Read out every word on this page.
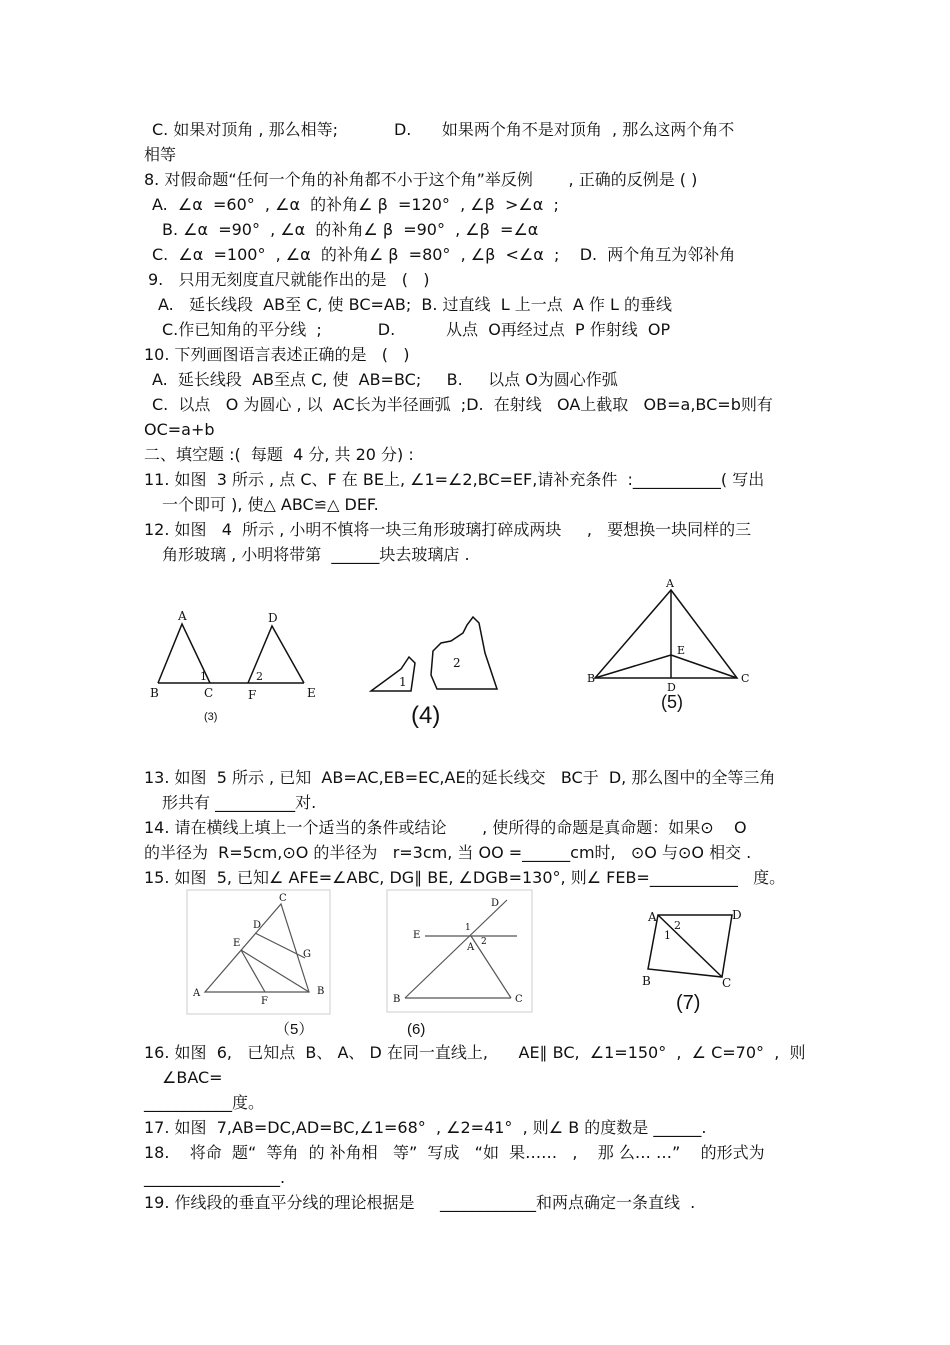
C. 如果对顶角 , 那么相等;           D.      如果两个角不是对顶角  , 那么这两个角不
相等
8. 对假命题“任何一个角的补角都不小于这个角”举反例       , 正确的反例是 ( )
A.  ∠α  =60°  , ∠α  的补角∠ β  =120°  , ∠β  >∠α  ;
B. ∠α  =90°  , ∠α  的补角∠ β  =90°  , ∠β  =∠α
C.  ∠α  =100°  , ∠α  的补角∠ β  =80°  , ∠β  <∠α  ;    D.  两个角互为邻补角
9.   只用无刻度直尺就能作出的是   (   )
A.   延长线段  AB至 C, 使 BC=AB;  B. 过直线  L 上一点  A 作 L 的垂线
C.作已知角的平分线  ;           D.          从点  O再经过点  P 作射线  OP
10. 下列画图语言表述正确的是   (   )
A.  延长线段  AB至点 C, 使  AB=BC;     B.     以点 O为圆心作弧
C.  以点   O 为圆心 , 以  AC长为半径画弧  ;D.  在射线   OA上截取   OB=a,BC=b则有
OC=a+b
二、填空题 :(  每题  4 分, 共 20 分) :
11. 如图  3 所示 , 点 C、F 在 BE上, ∠1=∠2,BC=EF,请补充条件  :___________( 写出
一个即可 ), 使△ ABC≌△ DEF.
12. 如图   4  所示 , 小明不慎将一块三角形玻璃打碎成两块     ,   要想换一块同样的三
角形玻璃 , 小明将带第  ______块去玻璃店 .
A
B	C
D
E
F
1	2
(3)
1
2
(4)
A
B	C
D
E
(5)
13. 如图  5 所示 , 已知  AB=AC,EB=EC,AE的延长线交   BC于  D, 那么图中的全等三角
形共有 __________对.
14. 请在横线上填上一个适当的条件或结论       , 使所得的命题是真命题：如果⊙    O
的半径为  R=5cm,⊙O 的半径为   r=3cm, 当 OO =______cm时,   ⊙O 与⊙O 相交 .
15. 如图  5, 已知∠ AFE=∠ABC, DG∥ BE, ∠DGB=130°, 则∠ FEB=___________   度。
C
D
E
G
A
F
B
（5）
D
E
1
2
A
B	C
(6)
A	D
1
2
B	C
(7)
16. 如图  6,   已知点  B、 A、 D 在同一直线上,      AE∥ BC,  ∠1=150°  ,  ∠ C=70°  ,  则
∠BAC=
___________度。
17. 如图  7,AB=DC,AD=BC,∠1=68°  , ∠2=41°  , 则∠ B 的度数是 ______.
18.    将命  题“  等角  的 补角相   等”  写成   “如  果……   ,    那 么… …”    的形式为
_________________.
19. 作线段的垂直平分线的理论根据是     ____________和两点确定一条直线  .
